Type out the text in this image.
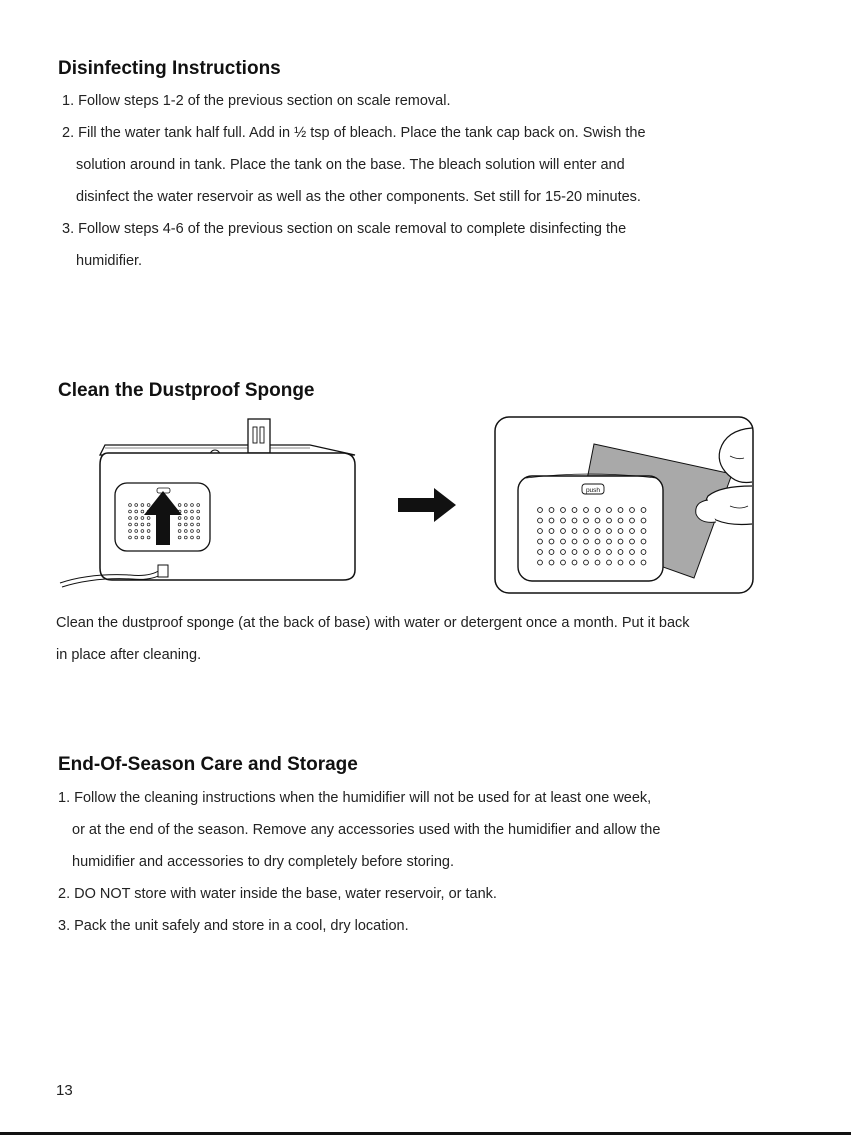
Disinfecting Instructions

1. Follow steps 1-2 of the previous section on scale removal.

2. Fill the water tank half full. Add in ½ tsp of bleach. Place the tank cap back on. Swish the

solution around in tank. Place the tank on the base. The bleach solution will enter and

disinfect the water reservoir as well as the other components. Set still for 15-20 minutes.

3. Follow steps 4-6 of the previous section on scale removal to complete disinfecting the

humidifier.

Clean the Dustproof Sponge
push

Clean the dustproof sponge (at the back of base) with water or detergent once a month. Put it back

in place after cleaning.

End-Of-Season Care and Storage

1. Follow the cleaning instructions when the humidifier will not be used for at least one week,

or at the end of the season. Remove any accessories used with the humidifier and allow the

humidifier and accessories to dry completely before storing.

2. DO NOT store with water inside the base, water reservoir, or tank.

3. Pack the unit safely and store in a cool, dry location.

13
